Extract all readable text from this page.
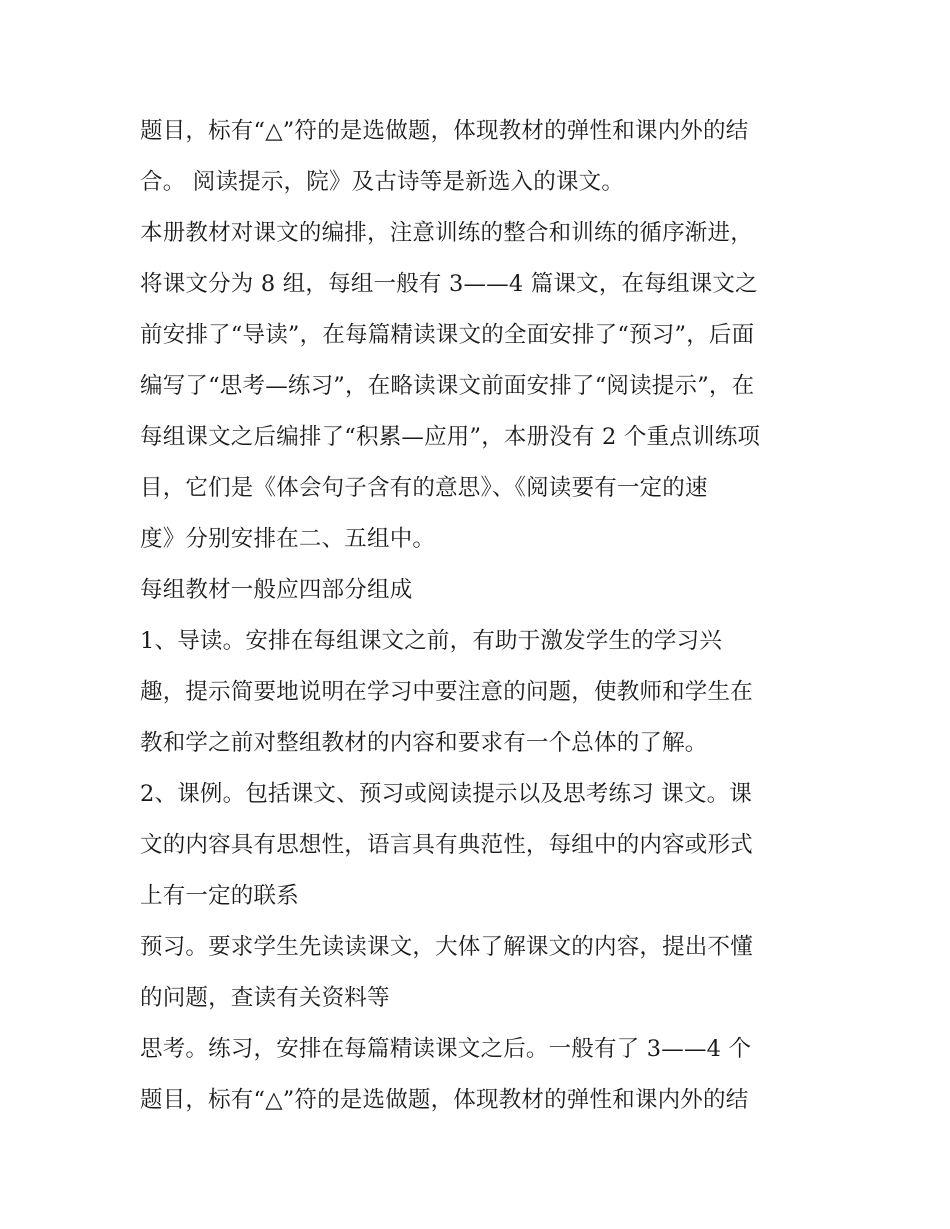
题目，标有“△”符的是选做题，体现教材的弹性和课内外的结
合。 阅读提示，院》及古诗等是新选入的课文。
本册教材对课文的编排，注意训练的整合和训练的循序渐进，
将课文分为 8 组，每组一般有 3——4 篇课文，在每组课文之
前安排了“导读”，在每篇精读课文的全面安排了“预习”，后面
编写了“思考—练习”，在略读课文前面安排了“阅读提示”，在
每组课文之后编排了“积累—应用”，本册没有 2 个重点训练项
目，它们是《体会句子含有的意思》、《阅读要有一定的速
度》分别安排在二、五组中。
每组教材一般应四部分组成
1、导读。安排在每组课文之前，有助于激发学生的学习兴
趣，提示简要地说明在学习中要注意的问题，使教师和学生在
教和学之前对整组教材的内容和要求有一个总体的了解。
2、课例。包括课文、预习或阅读提示以及思考练习 课文。课
文的内容具有思想性，语言具有典范性，每组中的内容或形式
上有一定的联系
预习。要求学生先读读课文，大体了解课文的内容，提出不懂
的问题，查读有关资料等
思考。练习，安排在每篇精读课文之后。一般有了 3——4 个
题目，标有“△”符的是选做题，体现教材的弹性和课内外的结
